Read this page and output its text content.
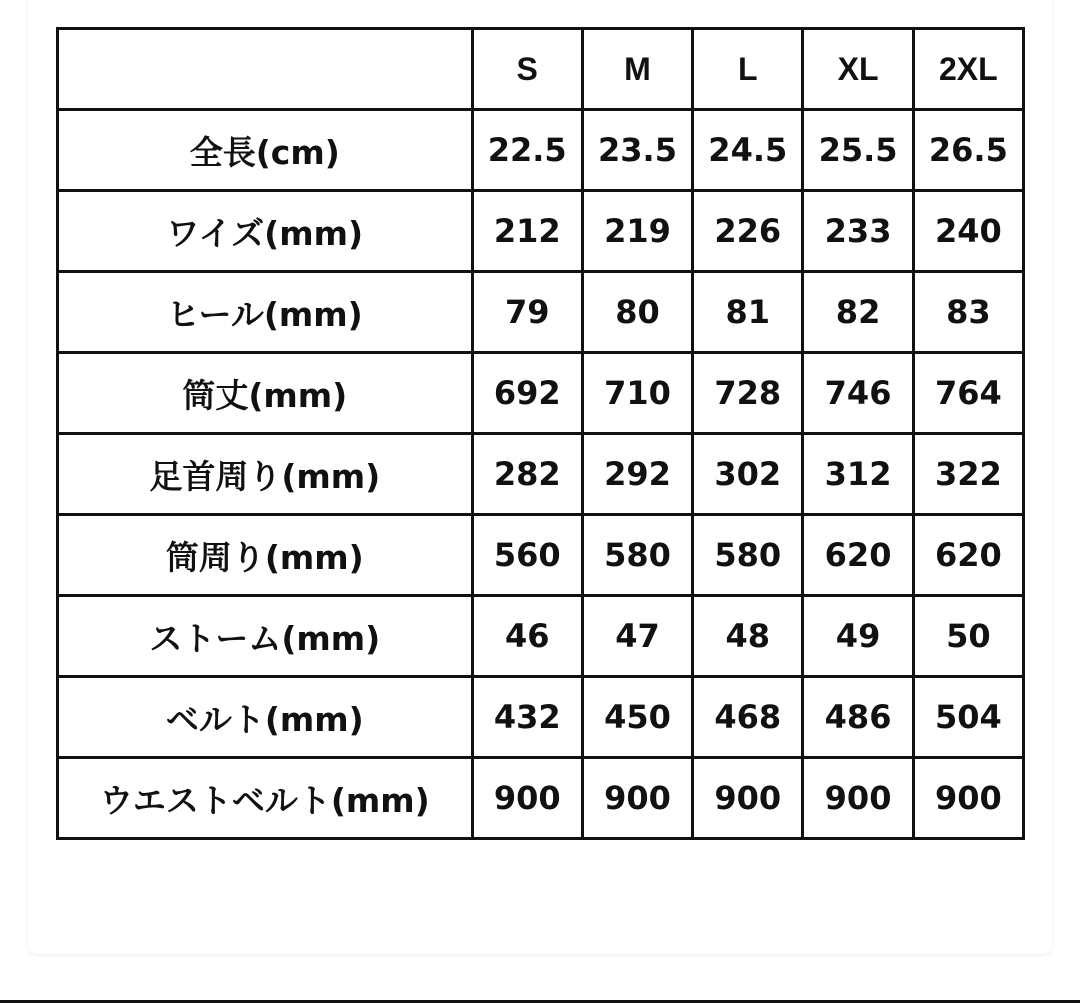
	S	M	L	XL	2XL
全長(cm)	22.5	23.5	24.5	25.5	26.5
ワイズ(mm)	212	219	226	233	240
ヒール(mm)	79	80	81	82	83
筒丈(mm)	692	710	728	746	764
足首周り(mm)	282	292	302	312	322
筒周り(mm)	560	580	580	620	620
ストーム(mm)	46	47	48	49	50
ベルト(mm)	432	450	468	486	504
ウエストベルト(mm)	900	900	900	900	900
